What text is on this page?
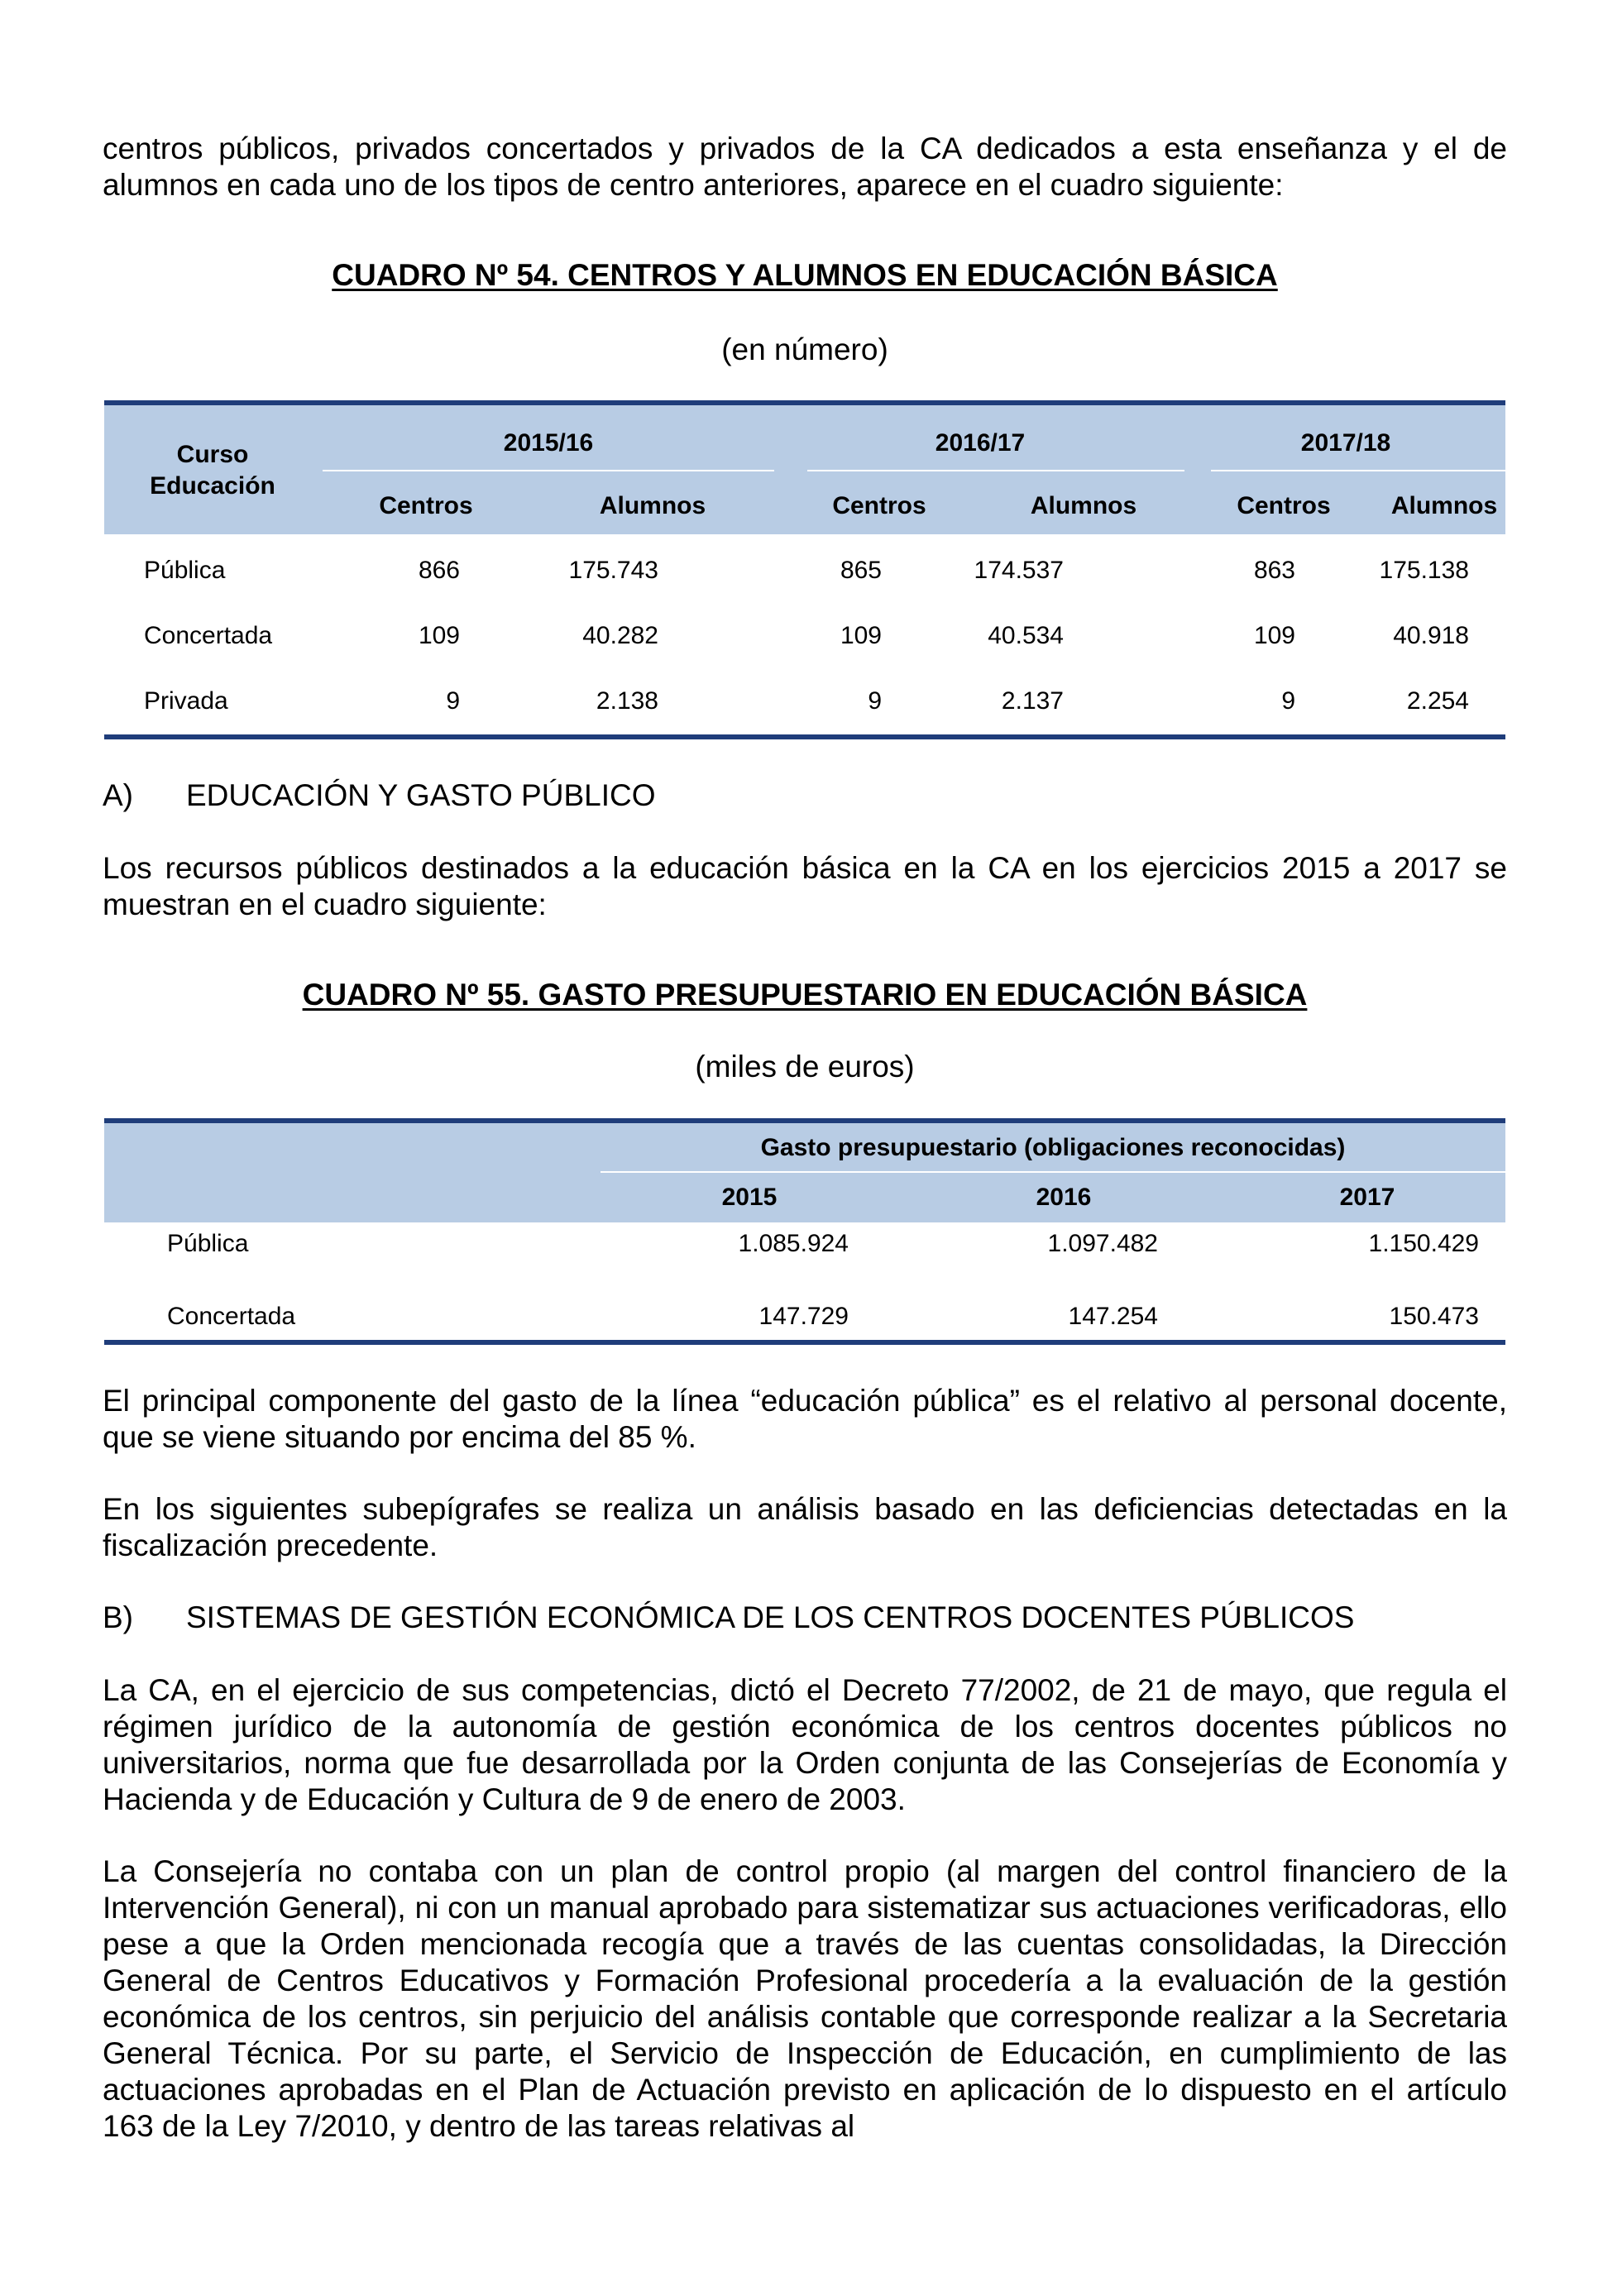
centros públicos, privados concertados y privados de la CA dedicados a esta enseñanza y el de alumnos en cada uno de los tipos de centro anteriores, aparece en el cuadro siguiente:

CUADRO Nº 54. CENTROS Y ALUMNOS EN EDUCACIÓN BÁSICA
(en número)
Curso
Educación
2015/16	2016/17	2017/18
Centros	Alumnos	Centros	Alumnos	Centros	Alumnos
Pública	866	175.743	865	174.537	863	175.138
Concertada	109	40.282	109	40.534	109	40.918
Privada	9	2.138	9	2.137	9	2.254
A) EDUCACIÓN Y GASTO PÚBLICO

Los recursos públicos destinados a la educación básica en la CA en los ejercicios 2015 a 2017 se muestran en el cuadro siguiente:

CUADRO Nº 55. GASTO PRESUPUESTARIO EN EDUCACIÓN BÁSICA
(miles de euros)
Gasto presupuestario (obligaciones reconocidas)
2015	2016	2017
Pública	1.085.924	1.097.482	1.150.429
Concertada	147.729	147.254	150.473

El principal componente del gasto de la línea “educación pública” es el relativo al personal docente, que se viene situando por encima del 85 %.

En los siguientes subepígrafes se realiza un análisis basado en las deficiencias detectadas en la fiscalización precedente.

B) SISTEMAS DE GESTIÓN ECONÓMICA DE LOS CENTROS DOCENTES PÚBLICOS

La CA, en el ejercicio de sus competencias, dictó el Decreto 77/2002, de 21 de mayo, que regula el régimen jurídico de la autonomía de gestión económica de los centros docentes públicos no universitarios, norma que fue desarrollada por la Orden conjunta de las Consejerías de Economía y Hacienda y de Educación y Cultura de 9 de enero de 2003.

La Consejería no contaba con un plan de control propio (al margen del control financiero de la Intervención General), ni con un manual aprobado para sistematizar sus actuaciones verificadoras, ello pese a que la Orden mencionada recogía que a través de las cuentas consolidadas, la Dirección General de Centros Educativos y Formación Profesional procedería a la evaluación de la gestión económica de los centros, sin perjuicio del análisis contable que corresponde realizar a la Secretaria General Técnica. Por su parte, el Servicio de Inspección de Educación, en cumplimiento de las actuaciones aprobadas en el Plan de Actuación previsto en aplicación de lo dispuesto en el artículo 163 de la Ley 7/2010, y dentro de las tareas relativas al
